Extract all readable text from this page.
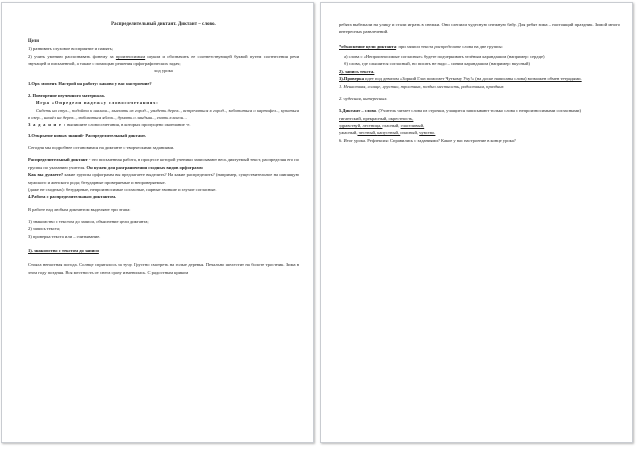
Распределительный диктант. Диктант – слово.

Цели

1) развивать слуховое восприятие и память;

2) учить умению распознавать фонему за произносимым шуком и обозначить ее соответствующей буквой путем соотнесения речи звучащей и письменной, а также с помощью решения орфографических задач;

ход урока

1.Орг. момент. Настрой на работу: каково у вас настроение?

2. Повторение изученного материала.

Игра «Определи падеж»у словосочетаниях:

Сидеть на стул.., подойти к шалаш.., выехать из город.., увидеть дерев.., встречаться в город.., заботиться о картофел.., купаться в озер.., нашёл на дерев.., любоваться яблок.., думать о ландыш.., ехать в вагон…

З а д а н и е : выпишите словосочетания, в которых пропущено окончание -е.

3.Открытие новых знаний- Распределительный диктант.

Сегодня мы подробнее остановимся на диктанте с творческими заданиями.

Распределительный диктант - это письменная работа, в процессе которой ученики записывают весь диктуемый текст, распределяя его по группы по указанию учителя. Он нужен для разграничения сходных видов орфограмм

Как вы думаете? какие группы орфограмм вы предлагаете выделить? На какие распределить? (например, существительное на шипящую мужского и женского рода; безударные проверяемые и непроверяемые.

(даже не сходных): безударные, непроизносимые согласные, парные звонкие и глухие согласные.

4.Работа с распределительным диктантом.

В работе над любым диктантом выделяют три этапа:

1) знакомство с текстом до записи, объяснение цели диктанта;

2) запись текста;

3) проверка текста или – считывание.

1). знакомство с текстом до записи

Стояла ненастная погода. Солнце спряталось за тучу. Грустно смотреть на голые деревья. Печально шелестит на болоте тростник. Зима в этом году поздняя. Вся местность от снега сразу изменилась. С радостным криком

ребята выбежали на улицу и стали играть в снежки. Они слепили чудесную снежную бабу. Для ребят зима – настоящий праздник. Зимой много интересных развлечений.

*объяснение цели диктанта: при записи текста распределите слова на две группы:

а) слова с «Непроизносимые согласные» будете подчеркивать зелёным карандашом (например: сердце)

б) слова, где слышится согласный, но писать не надо – синим карандашом (например: вкусный)

2). запись текста.

3).Проверка идет под девизом «Зоркий Глаз помогает Чуткому Уху!» (на доске написаны слова) возможен обмен тетрадями.

1. Ненастная, солнце, грустно, тростник, поздно местность, радостным, праздник

2. чудесная, интересных.

5.Диктант – слово. (Учитель читает слова из строчки, учащиеся записывают только слова с непроизносимыми согласными)

гигантский, прекрасный, окрестность,

здравствуй, лестница, гласный, счастливый,

ужасный, честный, капустный, опасный, чувство.

6. Итог урока. Рефлексия: Справились с заданиями? Какое у вас настроение в конце урока?
